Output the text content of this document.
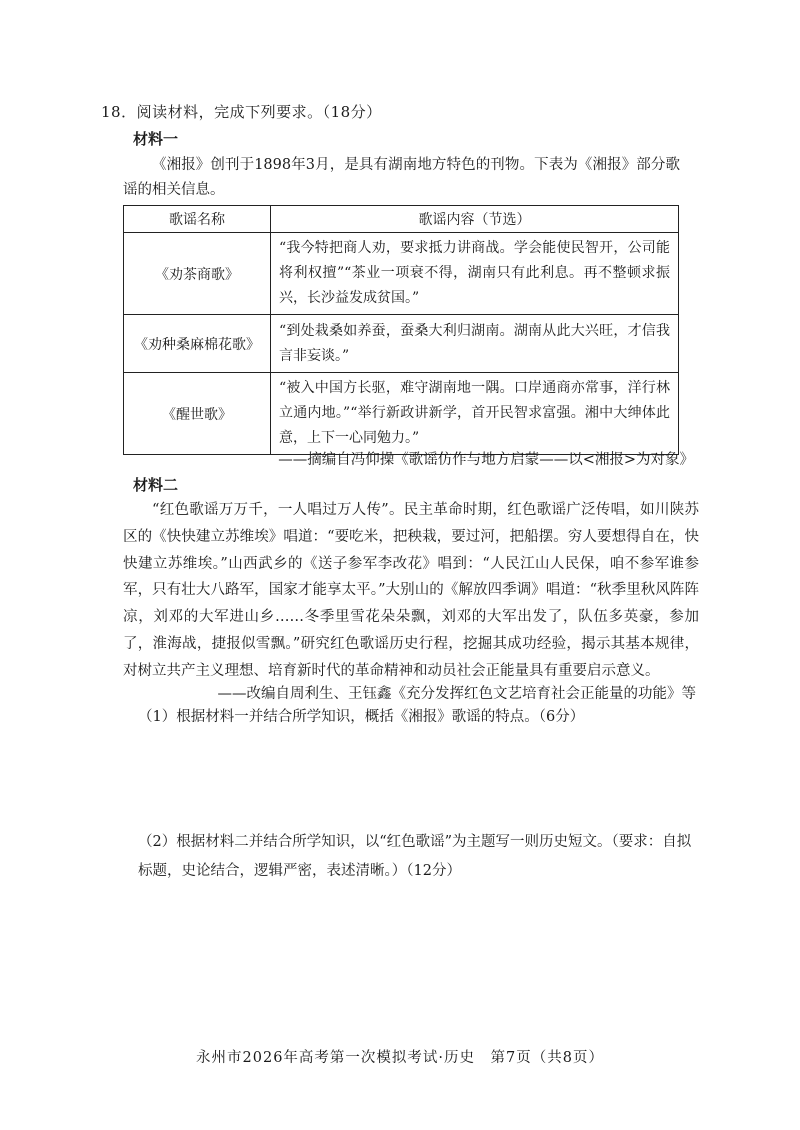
18．阅读材料，完成下列要求。（18分）
材料一
《湘报》创刊于1898年3月，是具有湖南地方特色的刊物。下表为《湘报》部分歌谣的相关信息。
歌谣名称	歌谣内容（节选）
《劝茶商歌》	“我今特把商人劝，要求抵力讲商战。学会能使民智开，公司能将利权擅”“茶业一项衰不得，湖南只有此利息。再不整顿求振兴，长沙益发成贫国。”
《劝种桑麻棉花歌》	“到处栽桑如养蚕，蚕桑大利归湖南。湖南从此大兴旺，才信我言非妄谈。”
《醒世歌》	“被入中国方长驱，难守湖南地一隅。口岸通商亦常事，洋行林立通内地。”“举行新政讲新学，首开民智求富强。湘中大绅体此意，上下一心同勉力。”
——摘编自冯仰操《歌谣仿作与地方启蒙——以<湘报>为对象》
材料二
“红色歌谣万万千，一人唱过万人传”。民主革命时期，红色歌谣广泛传唱，如川陕苏区的《快快建立苏维埃》唱道：“要吃米，把秧栽，要过河，把船摆。穷人要想得自在，快快建立苏维埃。”山西武乡的《送子参军李改花》唱到：“人民江山人民保，咱不参军谁参军，只有壮大八路军，国家才能享太平。”大别山的《解放四季调》唱道：“秋季里秋风阵阵凉，刘邓的大军进山乡……冬季里雪花朵朵飘，刘邓的大军出发了，队伍多英豪，参加了，淮海战，捷报似雪飘。”研究红色歌谣历史行程，挖掘其成功经验，揭示其基本规律，对树立共产主义理想、培育新时代的革命精神和动员社会正能量具有重要启示意义。
——改编自周利生、王钰鑫《充分发挥红色文艺培育社会正能量的功能》等
（1）根据材料一并结合所学知识，概括《湘报》歌谣的特点。（6分）
（2）根据材料二并结合所学知识，以“红色歌谣”为主题写一则历史短文。（要求：自拟标题，史论结合，逻辑严密，表述清晰。）（12分）
永州市2026年高考第一次模拟考试·历史　第7页（共8页）
